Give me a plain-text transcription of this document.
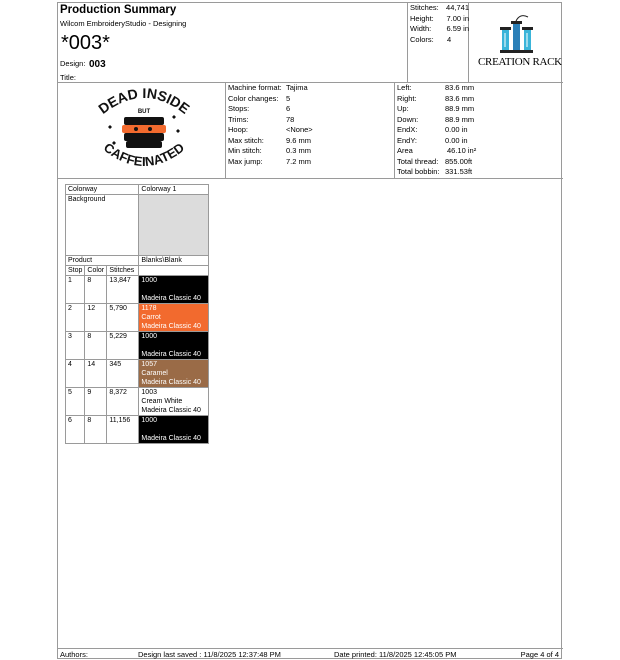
Production Summary
Wilcom EmbroideryStudio - Designing
*003*
Design: 003
Title:
Stitches: 44,741
Height:	7.00 in
Width:	6.59 in
Colors:	4
CREATION RACK
DEAD INSIDE
BUT
CAFFEINATED
Machine format: Tajima
Color changes:	5
Stops:	6
Trims:	78
Hoop:	<None>
Max stitch:	9.6 mm
Min stitch:	0.3 mm
Max jump:	7.2 mm
Left:	83.6 mm
Right:	83.6 mm
Up:	88.9 mm
Down:	88.9 mm
EndX:	0.00 in
EndY:	0.00 in
Area	46.10 in²
Total thread: 855.00ft
Total bobbin: 331.53ft
Colorway			Colorway 1
Background			
Product			Blanks\Blank
Stop	Color	Stitches	
1	8	13,847	1000
Madeira Classic 40

2	12	5,790	1178
Carrot
Madeira Classic 40

3	8	5,229	1000
Madeira Classic 40

4	14	345	1057
Caramel
Madeira Classic 40

5	9	8,372	1003
Cream White
Madeira Classic 40

6	8	11,156	1000
Madeira Classic 40
Authors:	Design last saved : 11/8/2025 12:37:48 PM	Date printed: 11/8/2025 12:45:05 PM	Page 4 of 4
